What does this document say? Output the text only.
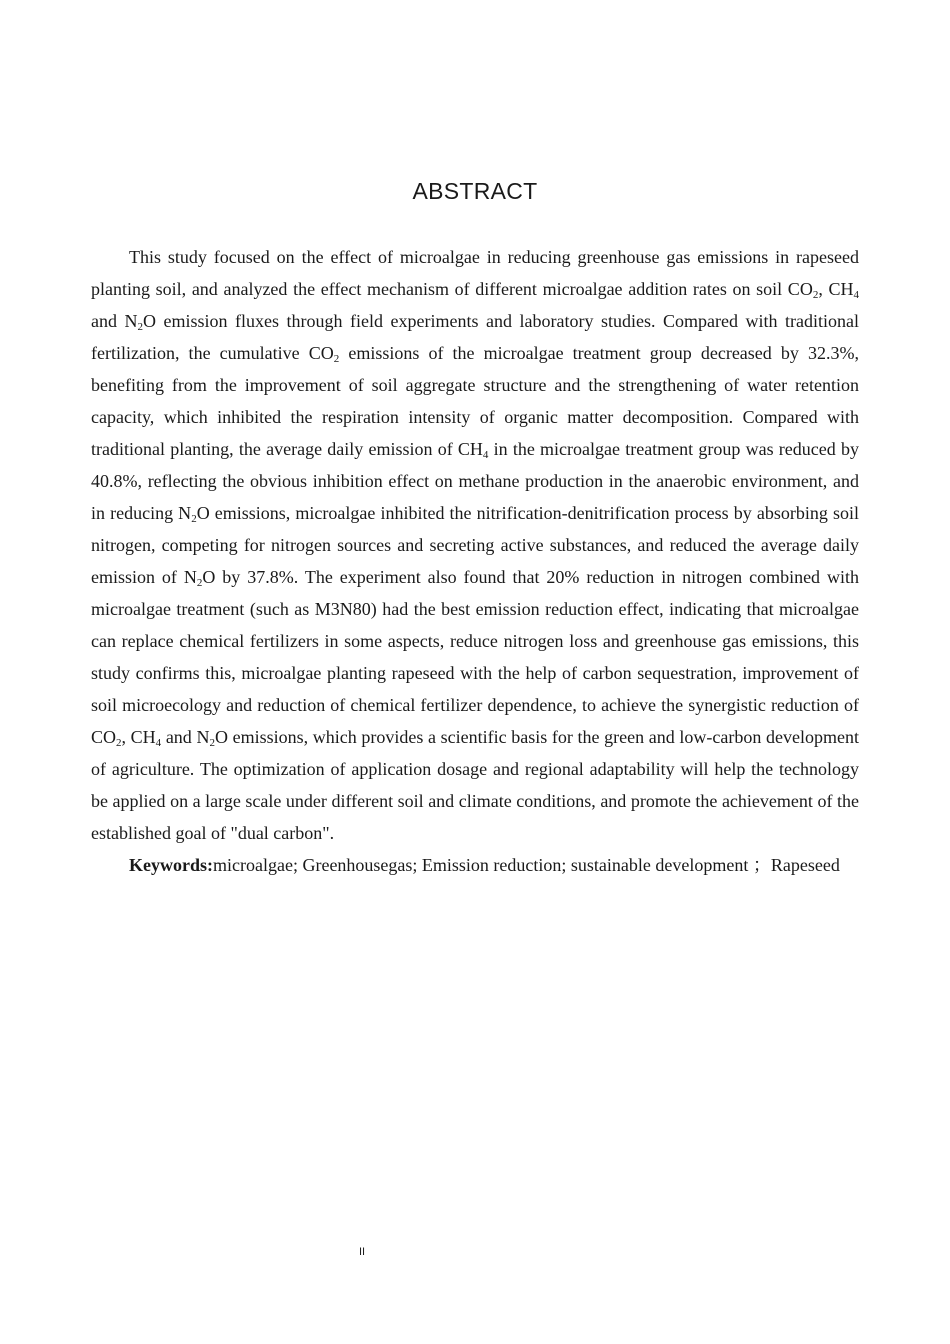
ABSTRACT

This study focused on the effect of microalgae in reducing greenhouse gas emissions in rapeseed planting soil, and analyzed the effect mechanism of different microalgae addition rates on soil $CO_2$, $CH_4$ and $N_2O$ emission fluxes through field experiments and laboratory studies. Compared with traditional fertilization, the cumulative $CO_2$ emissions of the microalgae treatment group decreased by 32.3%, benefiting from the improvement of soil aggregate structure and the strengthening of water retention capacity, which inhibited the respiration intensity of organic matter decomposition. Compared with traditional planting, the average daily emission of $CH_4$ in the microalgae treatment group was reduced by 40.8%, reflecting the obvious inhibition effect on methane production in the anaerobic environment, and in reducing $N_2O$ emissions, microalgae inhibited the nitrification-denitrification process by absorbing soil nitrogen, competing for nitrogen sources and secreting active substances, and reduced the average daily emission of $N_2O$ by 37.8%. The experiment also found that 20% reduction in nitrogen combined with microalgae treatment (such as M3N80) had the best emission reduction effect, indicating that microalgae can replace chemical fertilizers in some aspects, reduce nitrogen loss and greenhouse gas emissions, this study confirms this, microalgae planting rapeseed with the help of carbon sequestration, improvement of soil microecology and reduction of chemical fertilizer dependence, to achieve the synergistic reduction of $CO_2$, $CH_4$ and $N_2O$ emissions, which provides a scientific basis for the green and low-carbon development of agriculture. The optimization of application dosage and regional adaptability will help the technology be applied on a large scale under different soil and climate conditions, and promote the achievement of the established goal of "dual carbon".

Keywords:microalgae; Greenhousegas; Emission reduction; sustainable development ；Rapeseed

II
